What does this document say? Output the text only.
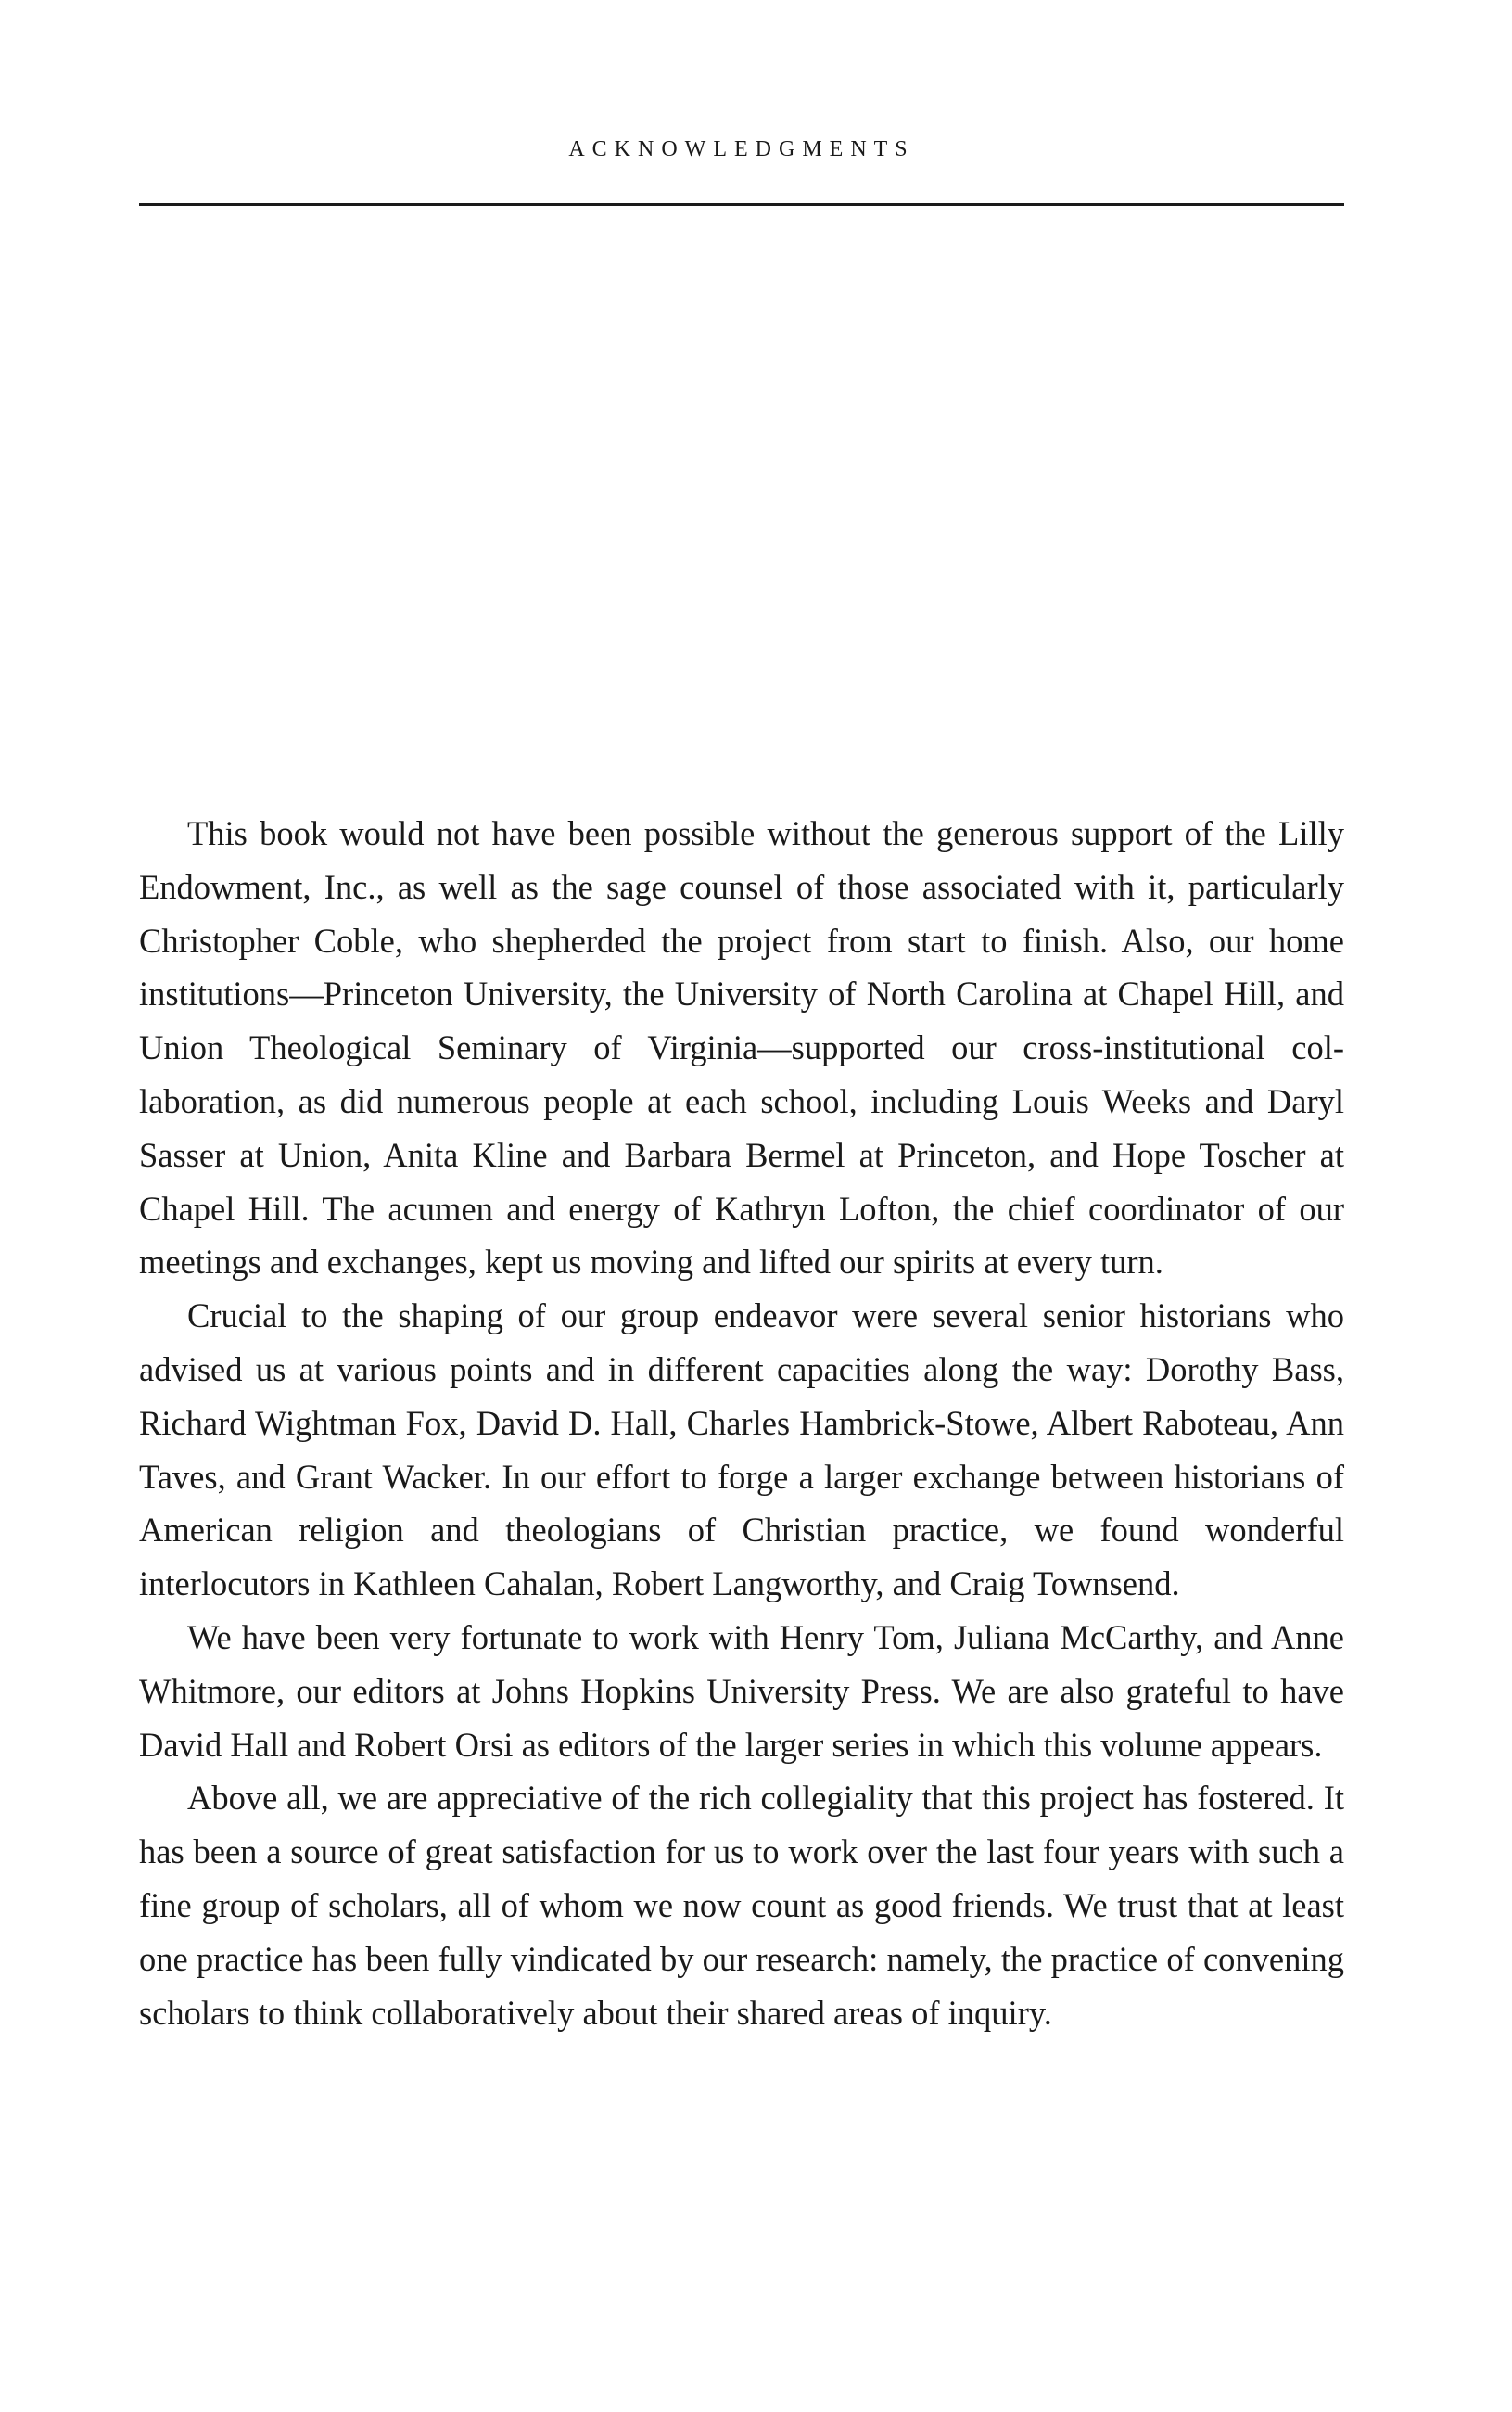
ACKNOWLEDGMENTS

This book would not have been possible without the generous support of the Lilly Endowment, Inc., as well as the sage counsel of those associated with it, particularly Christopher Coble, who shepherded the project from start to finish. Also, our home institutions—Princeton University, the University of North Carolina at Chapel Hill, and Union Theological Seminary of Virginia—supported our cross-institutional collaboration, as did numerous people at each school, including Louis Weeks and Daryl Sasser at Union, Anita Kline and Barbara Bermel at Princeton, and Hope Toscher at Chapel Hill. The acumen and energy of Kathryn Lofton, the chief coordinator of our meetings and exchanges, kept us moving and lifted our spirits at every turn.

Crucial to the shaping of our group endeavor were several senior historians who advised us at various points and in different capacities along the way: Dorothy Bass, Richard Wightman Fox, David D. Hall, Charles Hambrick-Stowe, Albert Raboteau, Ann Taves, and Grant Wacker. In our effort to forge a larger exchange between historians of American religion and theologians of Christian practice, we found wonderful interlocutors in Kathleen Cahalan, Robert Langworthy, and Craig Townsend.

We have been very fortunate to work with Henry Tom, Juliana McCarthy, and Anne Whitmore, our editors at Johns Hopkins University Press. We are also grateful to have David Hall and Robert Orsi as editors of the larger series in which this volume appears.

Above all, we are appreciative of the rich collegiality that this project has fostered. It has been a source of great satisfaction for us to work over the last four years with such a fine group of scholars, all of whom we now count as good friends. We trust that at least one practice has been fully vindicated by our research: namely, the practice of convening scholars to think collaboratively about their shared areas of inquiry.
